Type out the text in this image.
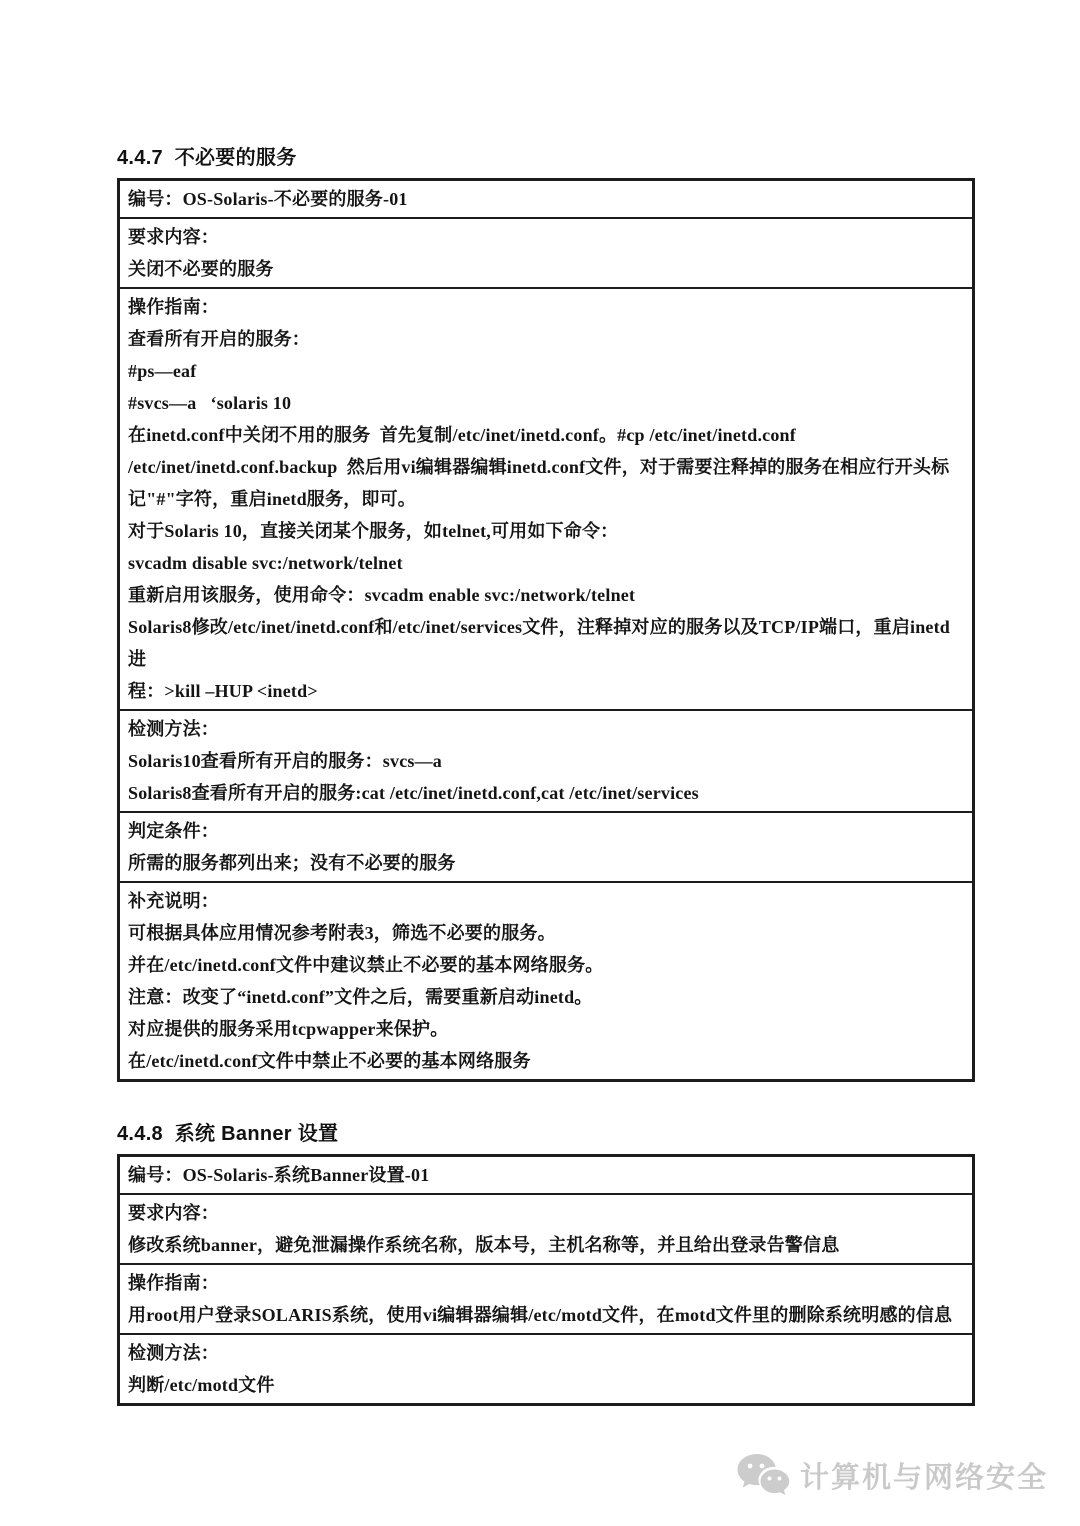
4.4.7  不必要的服务

编号：OS-Solaris-不必要的服务-01

要求内容：

关闭不必要的服务

操作指南：

查看所有开启的服务：

#ps—eaf

#svcs—a   ‘solaris 10

在inetd.conf中关闭不用的服务  首先复制/etc/inet/inetd.conf。#cp /etc/inet/inetd.conf

/etc/inet/inetd.conf.backup  然后用vi编辑器编辑inetd.conf文件，对于需要注释掉的服务在相应行开头标

记"#"字符，重启inetd服务，即可。

对于Solaris 10，直接关闭某个服务，如telnet,可用如下命令：

svcadm disable svc:/network/telnet

重新启用该服务，使用命令：svcadm enable svc:/network/telnet

Solaris8修改/etc/inet/inetd.conf和/etc/inet/services文件，注释掉对应的服务以及TCP/IP端口，重启inetd进

程：>kill –HUP <inetd>

检测方法：

Solaris10查看所有开启的服务：svcs—a

Solaris8查看所有开启的服务:cat /etc/inet/inetd.conf,cat /etc/inet/services

判定条件：

所需的服务都列出来；没有不必要的服务

补充说明：

可根据具体应用情况参考附表3，筛选不必要的服务。

并在/etc/inetd.conf文件中建议禁止不必要的基本网络服务。

注意：改变了“inetd.conf”文件之后，需要重新启动inetd。

对应提供的服务采用tcpwapper来保护。

在/etc/inetd.conf文件中禁止不必要的基本网络服务

4.4.8  系统 Banner 设置

编号：OS-Solaris-系统Banner设置-01

要求内容：

修改系统banner，避免泄漏操作系统名称，版本号，主机名称等，并且给出登录告警信息

操作指南：

用root用户登录SOLARIS系统，使用vi编辑器编辑/etc/motd文件，在motd文件里的删除系统明感的信息

检测方法：

判断/etc/motd文件

计算机与网络安全
